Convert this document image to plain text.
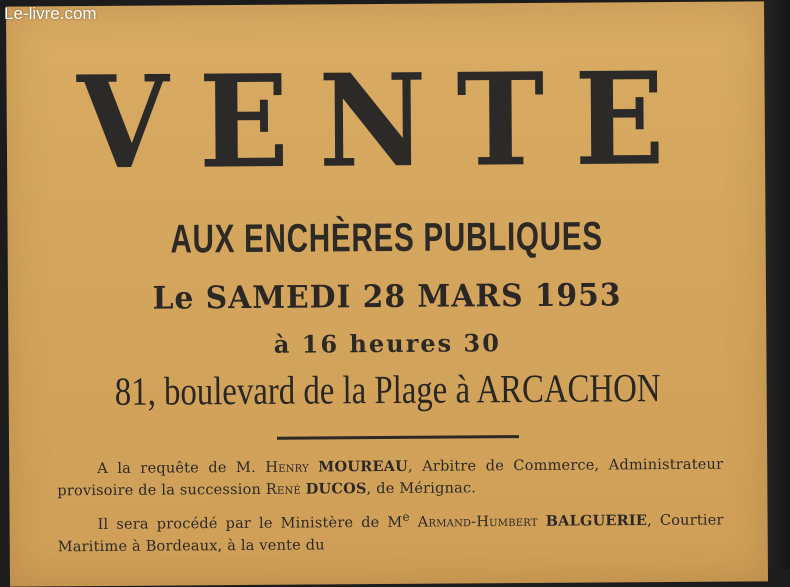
Le-livre.com
VENTE
AUX ENCHÈRES PUBLIQUES
Le SAMEDI 28 MARS 1953
à 16 heures 30
81, boulevard de la Plage à ARCACHON

A la requête de M. Henry MOUREAU, Arbitre de Commerce, Administrateur provisoire de la succession René DUCOS, de Mérignac.

Il sera procédé par le Ministère de Me Armand-Humbert BALGUERIE, Courtier Maritime à Bordeaux, à la vente du
